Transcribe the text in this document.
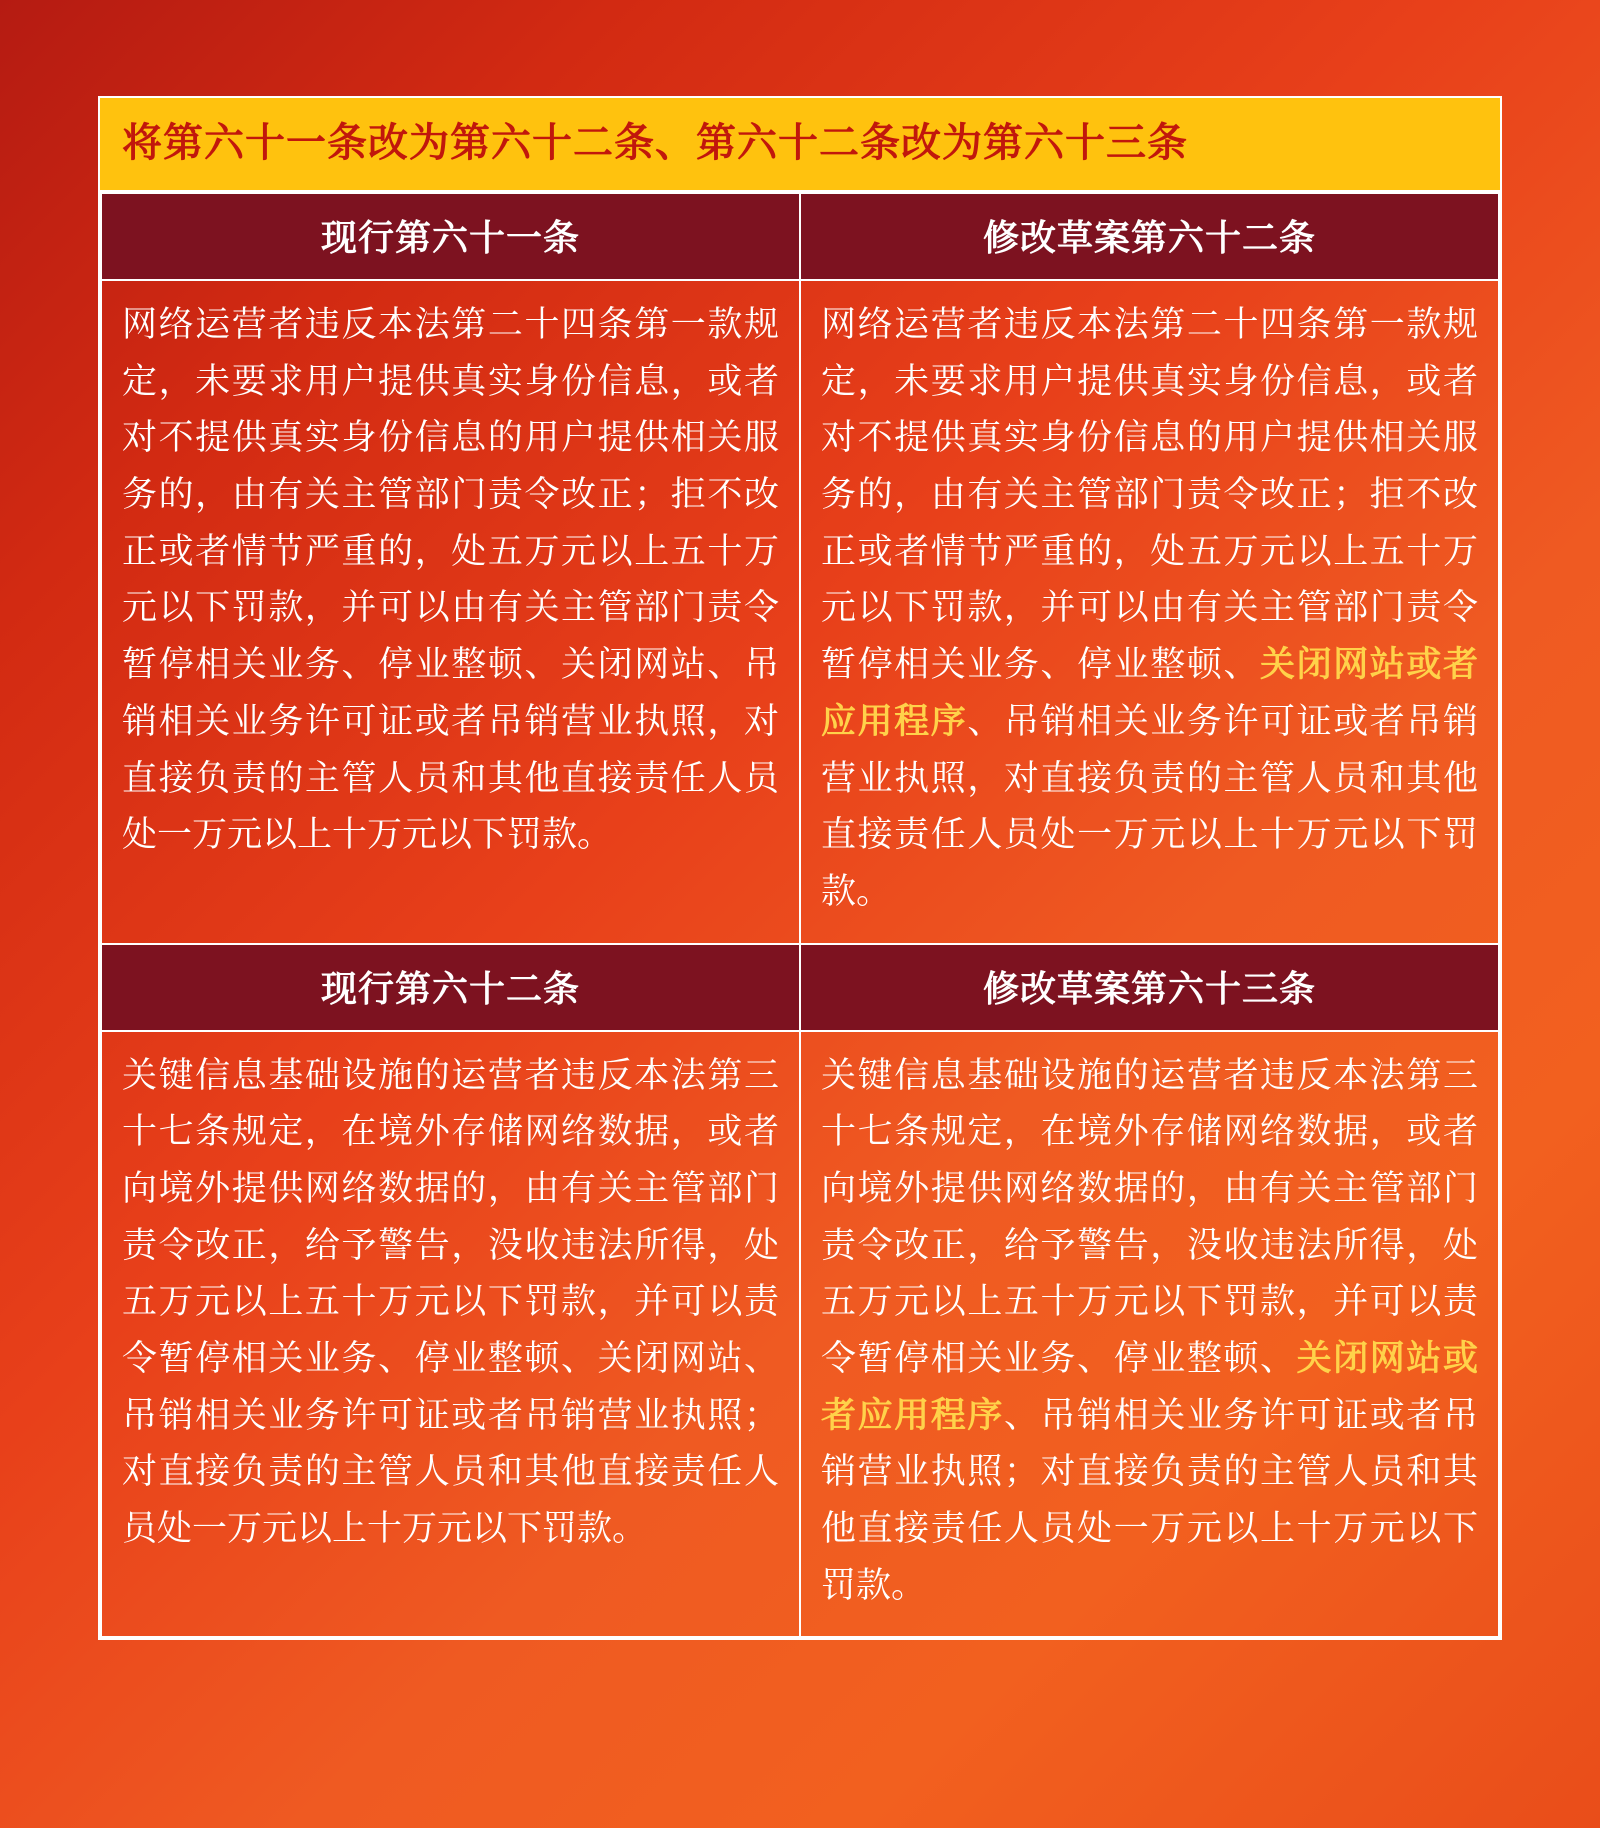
将第六十一条改为第六十二条、第六十二条改为第六十三条
现行第六十一条	修改草案第六十二条
网络运营者违反本法第二十四条第一款规定，未要求用户提供真实身份信息，或者对不提供真实身份信息的用户提供相关服务的，由有关主管部门责令改正；拒不改正或者情节严重的，处五万元以上五十万元以下罚款，并可以由有关主管部门责令暂停相关业务、停业整顿、关闭网站、吊销相关业务许可证或者吊销营业执照，对直接负责的主管人员和其他直接责任人员处一万元以上十万元以下罚款。	网络运营者违反本法第二十四条第一款规定，未要求用户提供真实身份信息，或者对不提供真实身份信息的用户提供相关服务的，由有关主管部门责令改正；拒不改正或者情节严重的，处五万元以上五十万元以下罚款，并可以由有关主管部门责令暂停相关业务、停业整顿、关闭网站或者应用程序、吊销相关业务许可证或者吊销营业执照，对直接负责的主管人员和其他直接责任人员处一万元以上十万元以下罚款。
现行第六十二条	修改草案第六十三条
关键信息基础设施的运营者违反本法第三十七条规定，在境外存储网络数据，或者向境外提供网络数据的，由有关主管部门责令改正，给予警告，没收违法所得，处五万元以上五十万元以下罚款，并可以责令暂停相关业务、停业整顿、关闭网站、吊销相关业务许可证或者吊销营业执照；对直接负责的主管人员和其他直接责任人员处一万元以上十万元以下罚款。	关键信息基础设施的运营者违反本法第三十七条规定，在境外存储网络数据，或者向境外提供网络数据的，由有关主管部门责令改正，给予警告，没收违法所得，处五万元以上五十万元以下罚款，并可以责令暂停相关业务、停业整顿、关闭网站或者应用程序、吊销相关业务许可证或者吊销营业执照；对直接负责的主管人员和其他直接责任人员处一万元以上十万元以下罚款。
